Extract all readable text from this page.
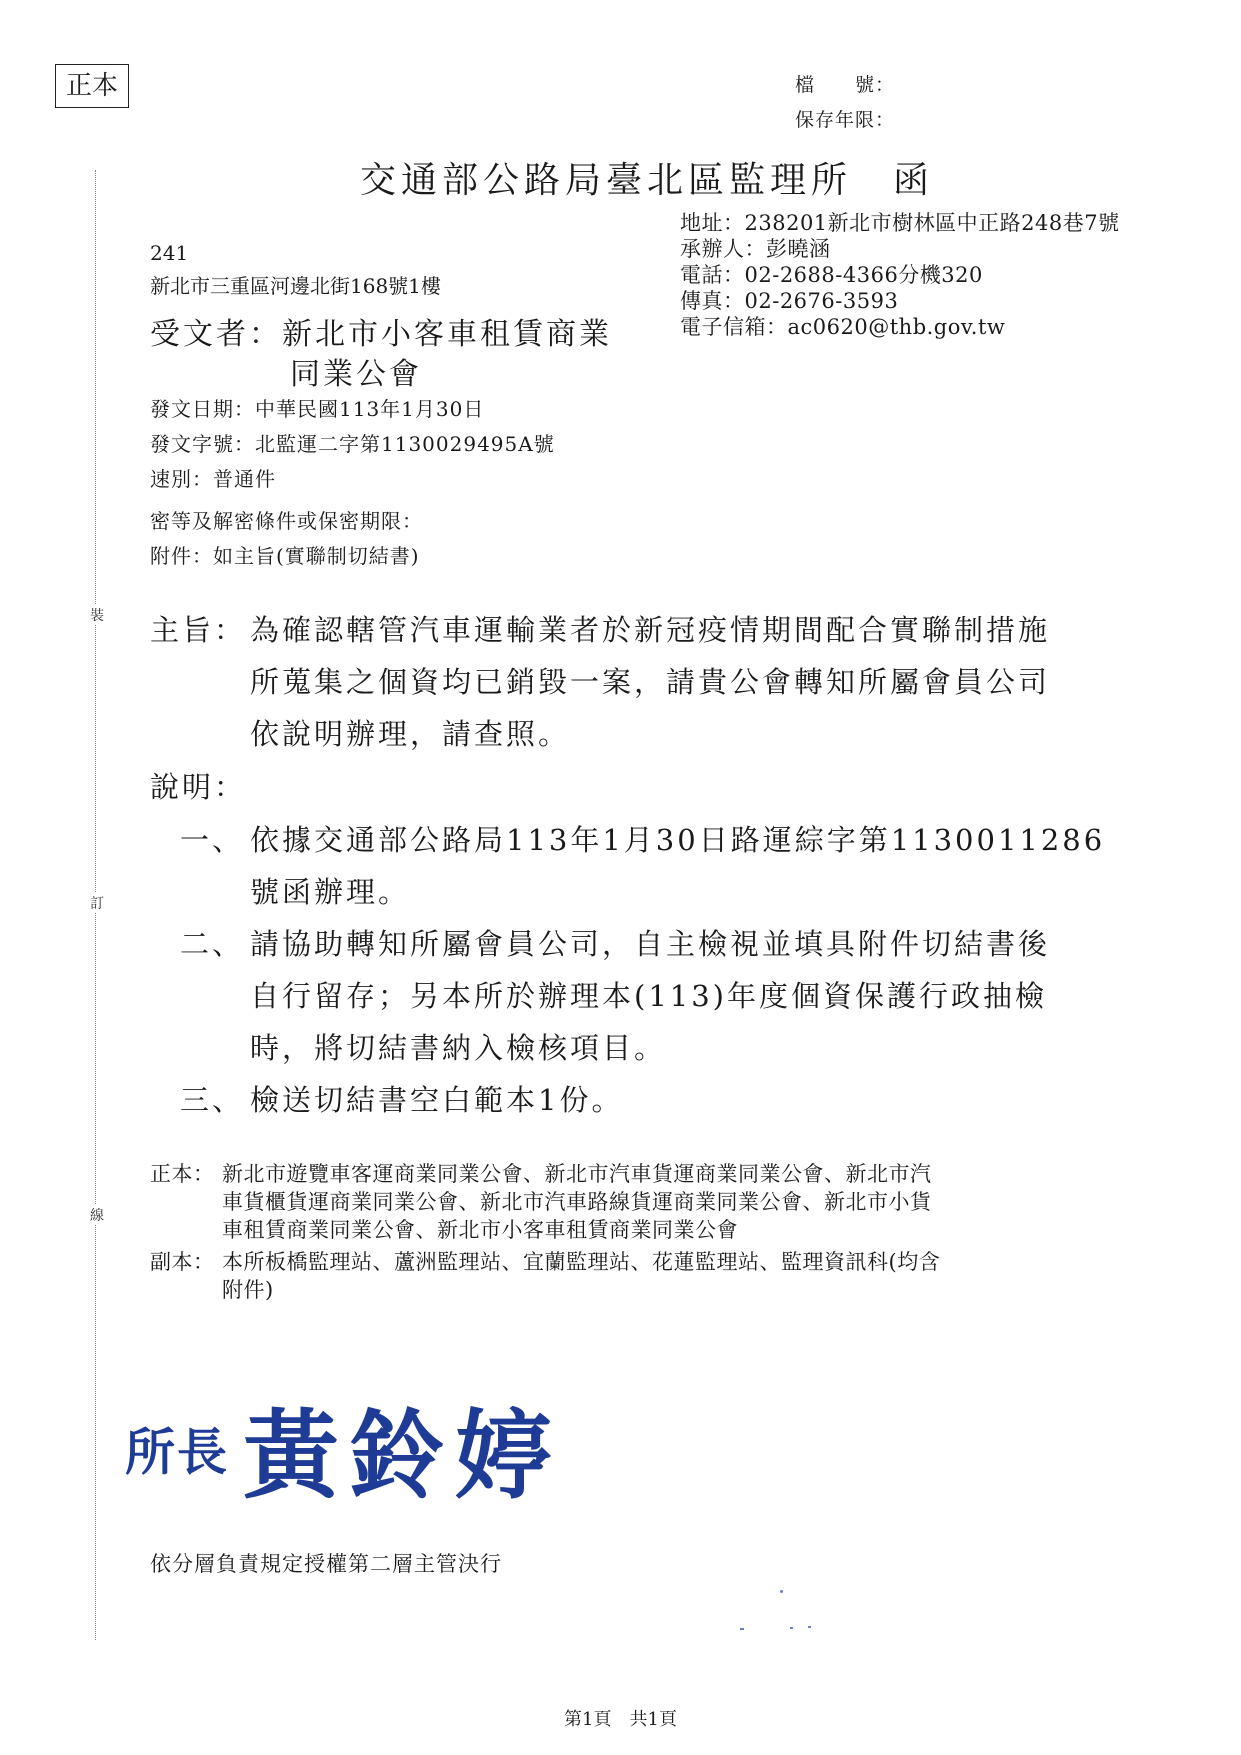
裝
訂
線
正本	檔　　號：
保存年限：
交通部公路局臺北區監理所　函
地址：238201新北市樹林區中正路248巷7號
承辦人：彭曉涵
電話：02-2688-4366分機320
傳真：02-2676-3593
電子信箱：ac0620@thb.gov.tw
241
新北市三重區河邊北街168號1樓
受文者：新北市小客車租賃商業
同業公會
發文日期：中華民國113年1月30日
發文字號：北監運二字第1130029495A號
速別：普通件
密等及解密條件或保密期限：
附件：如主旨(實聯制切結書)
主旨： 為確認轄管汽車運輸業者於新冠疫情期間配合實聯制措施
所蒐集之個資均已銷毀一案，請貴公會轉知所屬會員公司
依說明辦理，請查照。
說明：
一、 依據交通部公路局113年1月30日路運綜字第1130011286
號函辦理。
二、 請協助轉知所屬會員公司，自主檢視並填具附件切結書後
自行留存；另本所於辦理本(113)年度個資保護行政抽檢
時，將切結書納入檢核項目。
三、 檢送切結書空白範本1份。
正本： 新北市遊覽車客運商業同業公會、新北市汽車貨運商業同業公會、新北市汽
車貨櫃貨運商業同業公會、新北市汽車路線貨運商業同業公會、新北市小貨
車租賃商業同業公會、新北市小客車租賃商業同業公會
副本： 本所板橋監理站、蘆洲監理站、宜蘭監理站、花蓮監理站、監理資訊科(均含
附件)
所長 黃鈴婷
依分層負責規定授權第二層主管決行
第1頁　共1頁
